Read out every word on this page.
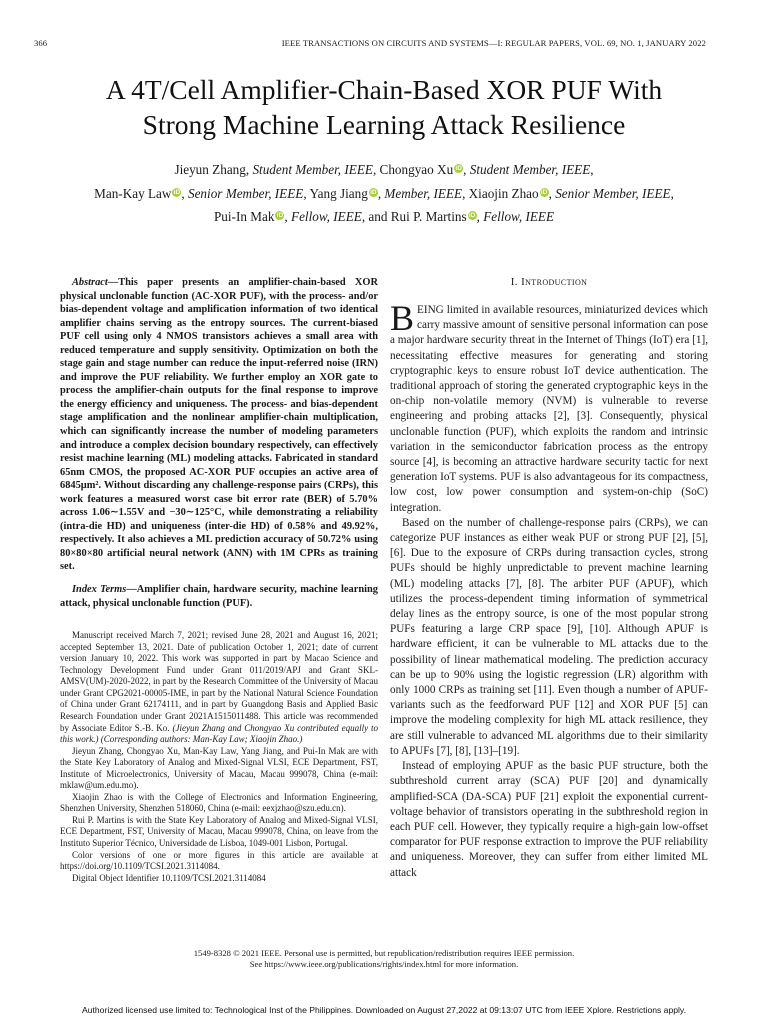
366	IEEE TRANSACTIONS ON CIRCUITS AND SYSTEMS—I: REGULAR PAPERS, VOL. 69, NO. 1, JANUARY 2022
A 4T/Cell Amplifier-Chain-Based XOR PUF With
Strong Machine Learning Attack Resilience
Jieyun Zhang, Student Member, IEEE, Chongyao Xu iD, Student Member, IEEE,
Man-Kay Law iD, Senior Member, IEEE, Yang Jiang iD, Member, IEEE, Xiaojin Zhao iD, Senior Member, IEEE,
Pui-In Mak iD, Fellow, IEEE, and Rui P. Martins iD, Fellow, IEEE
Abstract—This paper presents an amplifier-chain-based XOR physical unclonable function (AC-XOR PUF), with the process- and/or bias-dependent voltage and amplification information of two identical amplifier chains serving as the entropy sources. The current-biased PUF cell using only 4 NMOS transistors achieves a small area with reduced temperature and supply sensitivity. Optimization on both the stage gain and stage number can reduce the input-referred noise (IRN) and improve the PUF reliability. We further employ an XOR gate to process the amplifier-chain outputs for the final response to improve the energy efficiency and uniqueness. The process- and bias-dependent stage amplification and the nonlinear amplifier-chain multiplication, which can significantly increase the number of modeling parameters and introduce a complex decision boundary respectively, can effectively resist machine learning (ML) modeling attacks. Fabricated in standard 65nm CMOS, the proposed AC-XOR PUF occupies an active area of 6845µm². Without discarding any challenge-response pairs (CRPs), this work features a measured worst case bit error rate (BER) of 5.70% across 1.06∼1.55V and −30∼125°C, while demonstrating a reliability (intra-die HD) and uniqueness (inter-die HD) of 0.58% and 49.92%, respectively. It also achieves a ML prediction accuracy of 50.72% using 80×80×80 artificial neural network (ANN) with 1M CPRs as training set.
Index Terms—Amplifier chain, hardware security, machine learning attack, physical unclonable function (PUF).

Manuscript received March 7, 2021; revised June 28, 2021 and August 16, 2021; accepted September 13, 2021. Date of publication October 1, 2021; date of current version January 10, 2022. This work was supported in part by Macao Science and Technology Development Fund under Grant 011/2019/APJ and Grant SKL-AMSV(UM)-2020-2022, in part by the Research Committee of the University of Macau under Grant CPG2021-00005-IME, in part by the National Natural Science Foundation of China under Grant 62174111, and in part by Guangdong Basis and Applied Basic Research Foundation under Grant 2021A1515011488. This article was recommended by Associate Editor S.-B. Ko. (Jieyun Zhang and Chongyao Xu contributed equally to this work.) (Corresponding authors: Man-Kay Law; Xiaojin Zhao.)

Jieyun Zhang, Chongyao Xu, Man-Kay Law, Yang Jiang, and Pui-In Mak are with the State Key Laboratory of Analog and Mixed-Signal VLSI, ECE Department, FST, Institute of Microelectronics, University of Macau, Macau 999078, China (e-mail: mklaw@um.edu.mo).

Xiaojin Zhao is with the College of Electronics and Information Engineering, Shenzhen University, Shenzhen 518060, China (e-mail: eexjzhao@szu.edu.cn).

Rui P. Martins is with the State Key Laboratory of Analog and Mixed-Signal VLSI, ECE Department, FST, University of Macau, Macau 999078, China, on leave from the Instituto Superior Técnico, Universidade de Lisboa, 1049-001 Lisbon, Portugal.

Color versions of one or more figures in this article are available at https://doi.org/10.1109/TCSI.2021.3114084.

Digital Object Identifier 10.1109/TCSI.2021.3114084

I. Introduction

BEING limited in available resources, miniaturized devices which carry massive amount of sensitive personal information can pose a major hardware security threat in the Internet of Things (IoT) era [1], necessitating effective measures for generating and storing cryptographic keys to ensure robust IoT device authentication. The traditional approach of storing the generated cryptographic keys in the on-chip non-volatile memory (NVM) is vulnerable to reverse engineering and probing attacks [2], [3]. Consequently, physical unclonable function (PUF), which exploits the random and intrinsic variation in the semiconductor fabrication process as the entropy source [4], is becoming an attractive hardware security tactic for next generation IoT systems. PUF is also advantageous for its compactness, low cost, low power consumption and system-on-chip (SoC) integration.

Based on the number of challenge-response pairs (CRPs), we can categorize PUF instances as either weak PUF or strong PUF [2], [5], [6]. Due to the exposure of CRPs during transaction cycles, strong PUFs should be highly unpredictable to prevent machine learning (ML) modeling attacks [7], [8]. The arbiter PUF (APUF), which utilizes the process-dependent timing information of symmetrical delay lines as the entropy source, is one of the most popular strong PUFs featuring a large CRP space [9], [10]. Although APUF is hardware efficient, it can be vulnerable to ML attacks due to the possibility of linear mathematical modeling. The prediction accuracy can be up to 90% using the logistic regression (LR) algorithm with only 1000 CRPs as training set [11]. Even though a number of APUF-variants such as the feedforward PUF [12] and XOR PUF [5] can improve the modeling complexity for high ML attack resilience, they are still vulnerable to advanced ML algorithms due to their similarity to APUFs [7], [8], [13]–[19].

Instead of employing APUF as the basic PUF structure, both the subthreshold current array (SCA) PUF [20] and dynamically amplified-SCA (DA-SCA) PUF [21] exploit the exponential current-voltage behavior of transistors operating in the subthreshold region in each PUF cell. However, they typically require a high-gain low-offset comparator for PUF response extraction to improve the PUF reliability and uniqueness. Moreover, they can suffer from either limited ML attack

1549-8328 © 2021 IEEE. Personal use is permitted, but republication/redistribution requires IEEE permission.
See https://www.ieee.org/publications/rights/index.html for more information.
Authorized licensed use limited to: Technological Inst of the Philippines. Downloaded on August 27,2022 at 09:13:07 UTC from IEEE Xplore. Restrictions apply.
